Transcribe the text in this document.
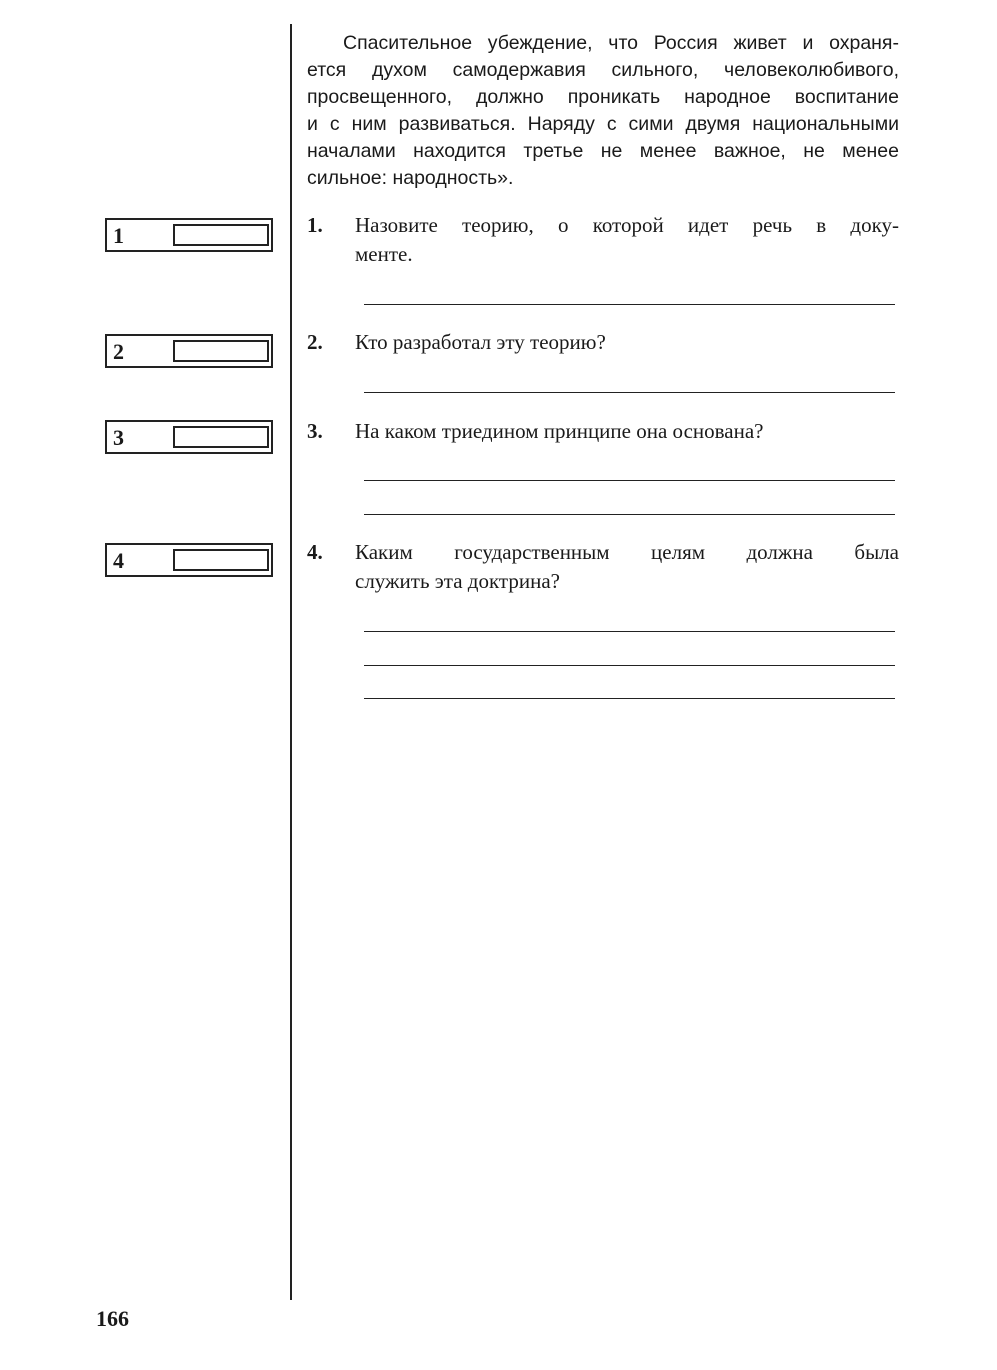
Спасительное убеждение, что Россия живет и охраня-
ется духом самодержавия сильного, человеколюбивого,
просвещенного, должно проникать народное воспитание
и с ним развиваться. Наряду с сими двумя национальными
началами находится третье не менее важное, не менее
сильное: народность».
1
2
3
4
1. Назовите теорию, о которой идет речь в доку-
менте.
2. Кто разработал эту теорию?
3. На каком триедином принципе она основана?
4. Каким государственным целям должна была
служить эта доктрина?
166
